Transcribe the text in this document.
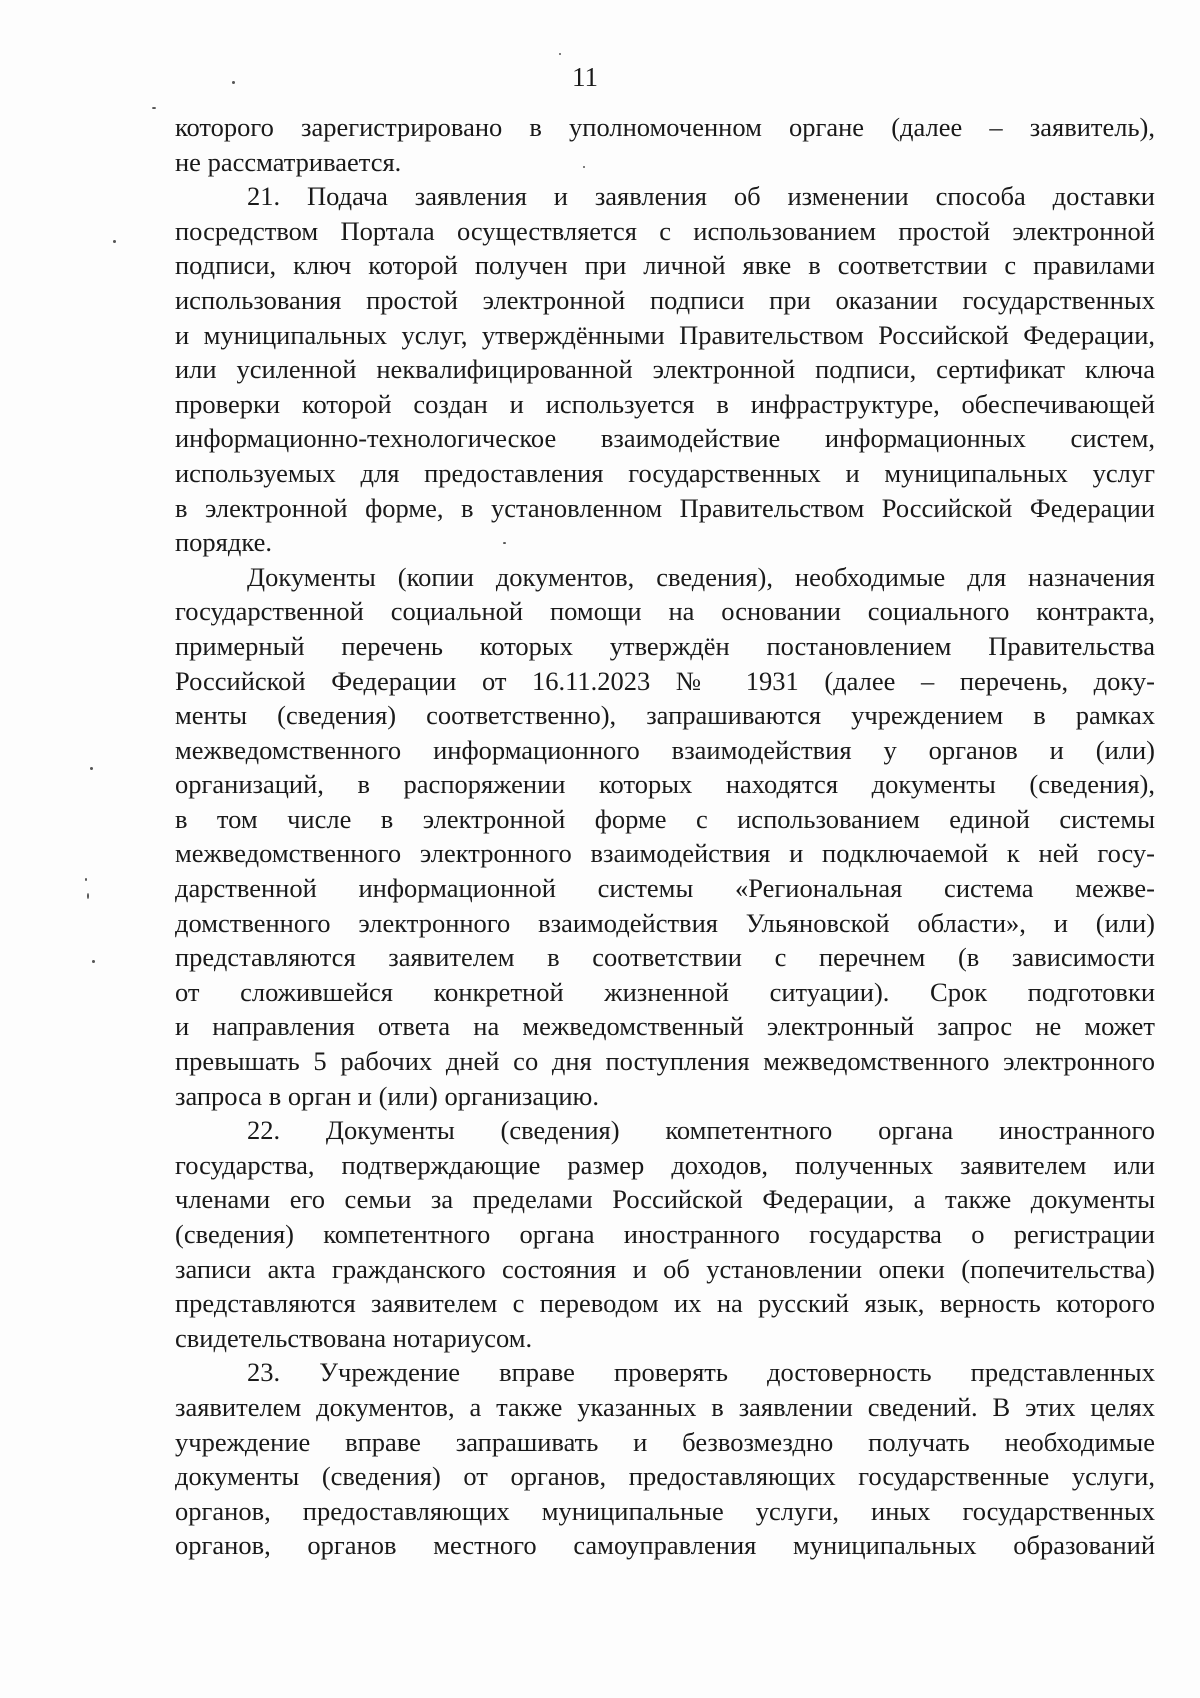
11
которого зарегистрировано в уполномоченном органе (далее – заявитель),
не рассматривается.
21. Подача заявления и заявления об изменении способа доставки
посредством Портала осуществляется с использованием простой электронной
подписи, ключ которой получен при личной явке в соответствии с правилами
использования простой электронной подписи при оказании государственных
и муниципальных услуг, утверждёнными Правительством Российской Федерации,
или усиленной неквалифицированной электронной подписи, сертификат ключа
проверки которой создан и используется в инфраструктуре, обеспечивающей
информационно-технологическое взаимодействие информационных систем,
используемых для предоставления государственных и муниципальных услуг
в электронной форме, в установленном Правительством Российской Федерации
порядке.
Документы (копии документов, сведения), необходимые для назначения
государственной социальной помощи на основании социального контракта,
примерный перечень которых утверждён постановлением Правительства
Российской Федерации от 16.11.2023 № 1931 (далее – перечень, доку-
менты (сведения) соответственно), запрашиваются учреждением в рамках
межведомственного информационного взаимодействия у органов и (или)
организаций, в распоряжении которых находятся документы (сведения),
в том числе в электронной форме с использованием единой системы
межведомственного электронного взаимодействия и подключаемой к ней госу-
дарственной информационной системы «Региональная система межве-
домственного электронного взаимодействия Ульяновской области», и (или)
представляются заявителем в соответствии с перечнем (в зависимости
от сложившейся конкретной жизненной ситуации). Срок подготовки
и направления ответа на межведомственный электронный запрос не может
превышать 5 рабочих дней со дня поступления межведомственного электронного
запроса в орган и (или) организацию.
22. Документы (сведения) компетентного органа иностранного
государства, подтверждающие размер доходов, полученных заявителем или
членами его семьи за пределами Российской Федерации, а также документы
(сведения) компетентного органа иностранного государства о регистрации
записи акта гражданского состояния и об установлении опеки (попечительства)
представляются заявителем с переводом их на русский язык, верность которого
свидетельствована нотариусом.
23. Учреждение вправе проверять достоверность представленных
заявителем документов, а также указанных в заявлении сведений. В этих целях
учреждение вправе запрашивать и безвозмездно получать необходимые
документы (сведения) от органов, предоставляющих государственные услуги,
органов, предоставляющих муниципальные услуги, иных государственных
органов, органов местного самоуправления муниципальных образований
